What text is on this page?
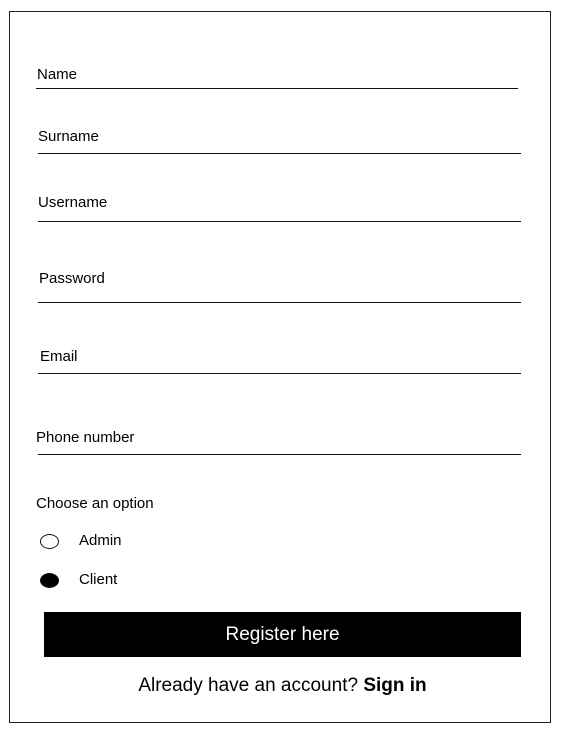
Name
Surname
Username
Password
Email
Phone number
Choose an option
Admin
Client
Register here
Already have an account? Sign in
